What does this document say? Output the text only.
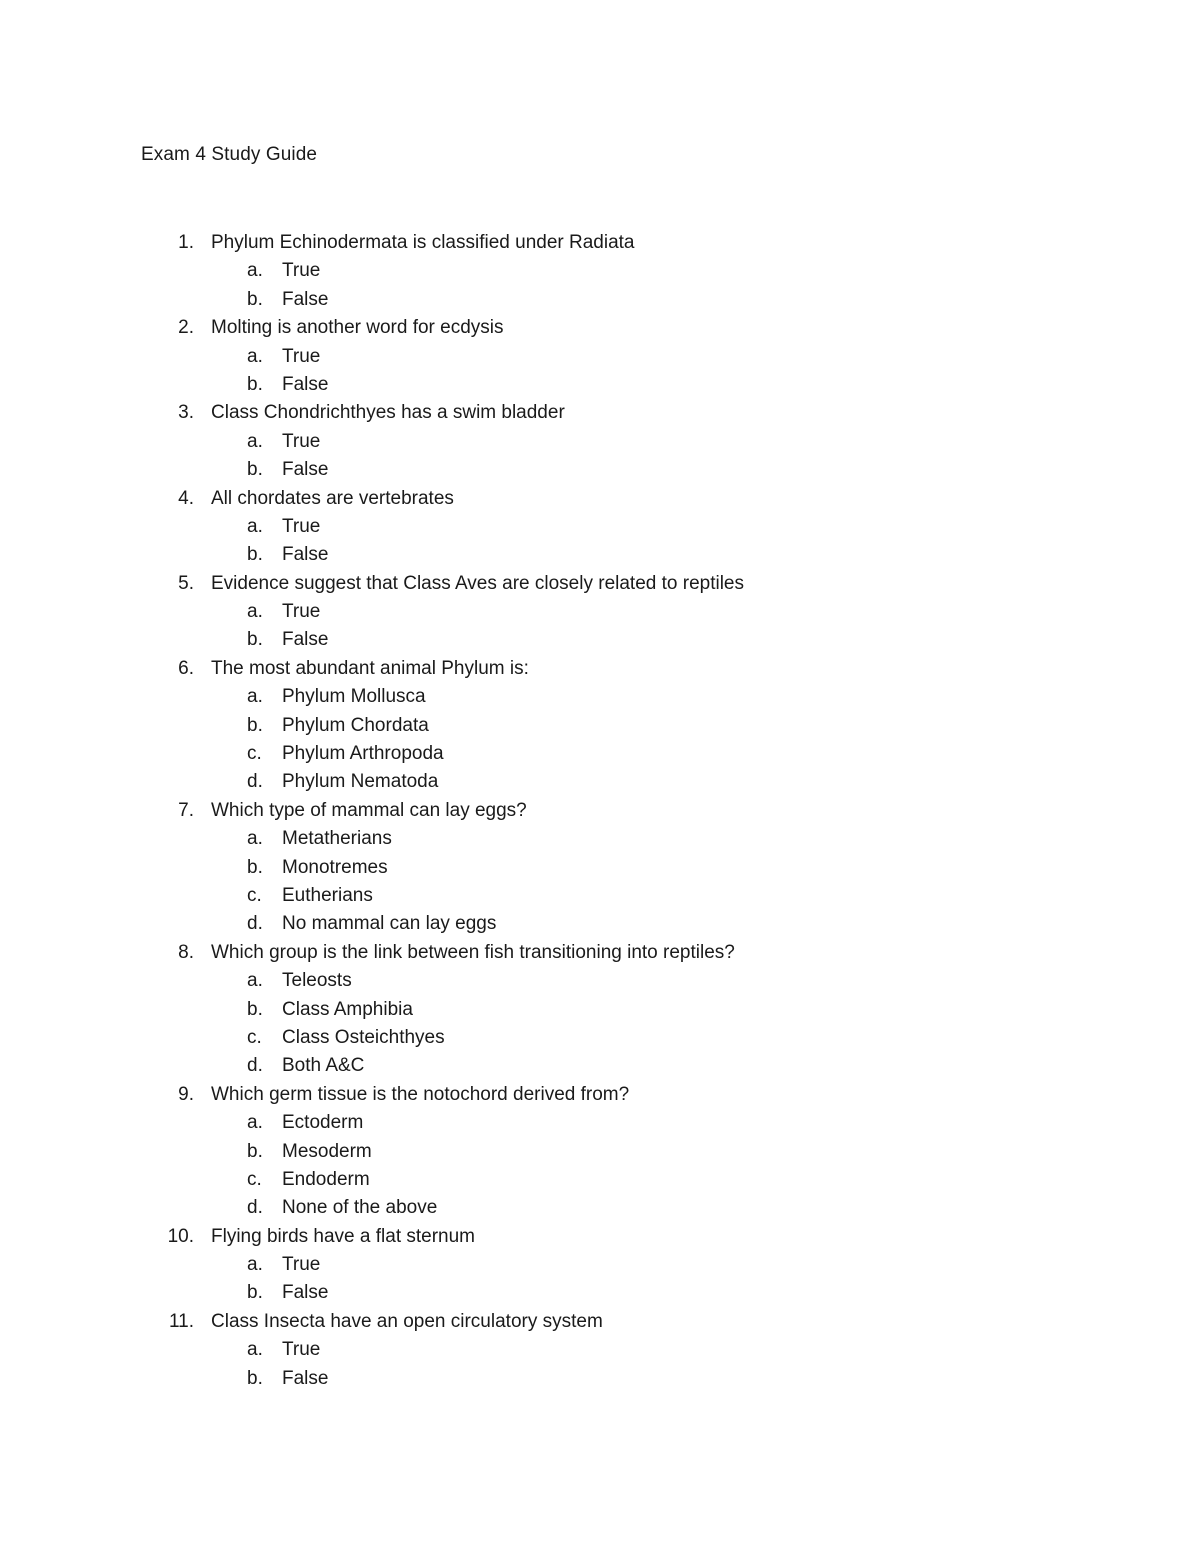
Exam 4 Study Guide
1. Phylum Echinodermata is classified under Radiata
a. True
b. False
2. Molting is another word for ecdysis
a. True
b. False
3. Class Chondrichthyes has a swim bladder
a. True
b. False
4. All chordates are vertebrates
a. True
b. False
5. Evidence suggest that Class Aves are closely related to reptiles
a. True
b. False
6. The most abundant animal Phylum is:
a. Phylum Mollusca
b. Phylum Chordata
c. Phylum Arthropoda
d. Phylum Nematoda
7. Which type of mammal can lay eggs?
a. Metatherians
b. Monotremes
c. Eutherians
d. No mammal can lay eggs
8. Which group is the link between fish transitioning into reptiles?
a. Teleosts
b. Class Amphibia
c. Class Osteichthyes
d. Both A&C
9. Which germ tissue is the notochord derived from?
a. Ectoderm
b. Mesoderm
c. Endoderm
d. None of the above
10. Flying birds have a flat sternum
a. True
b. False
11. Class Insecta have an open circulatory system
a. True
b. False
